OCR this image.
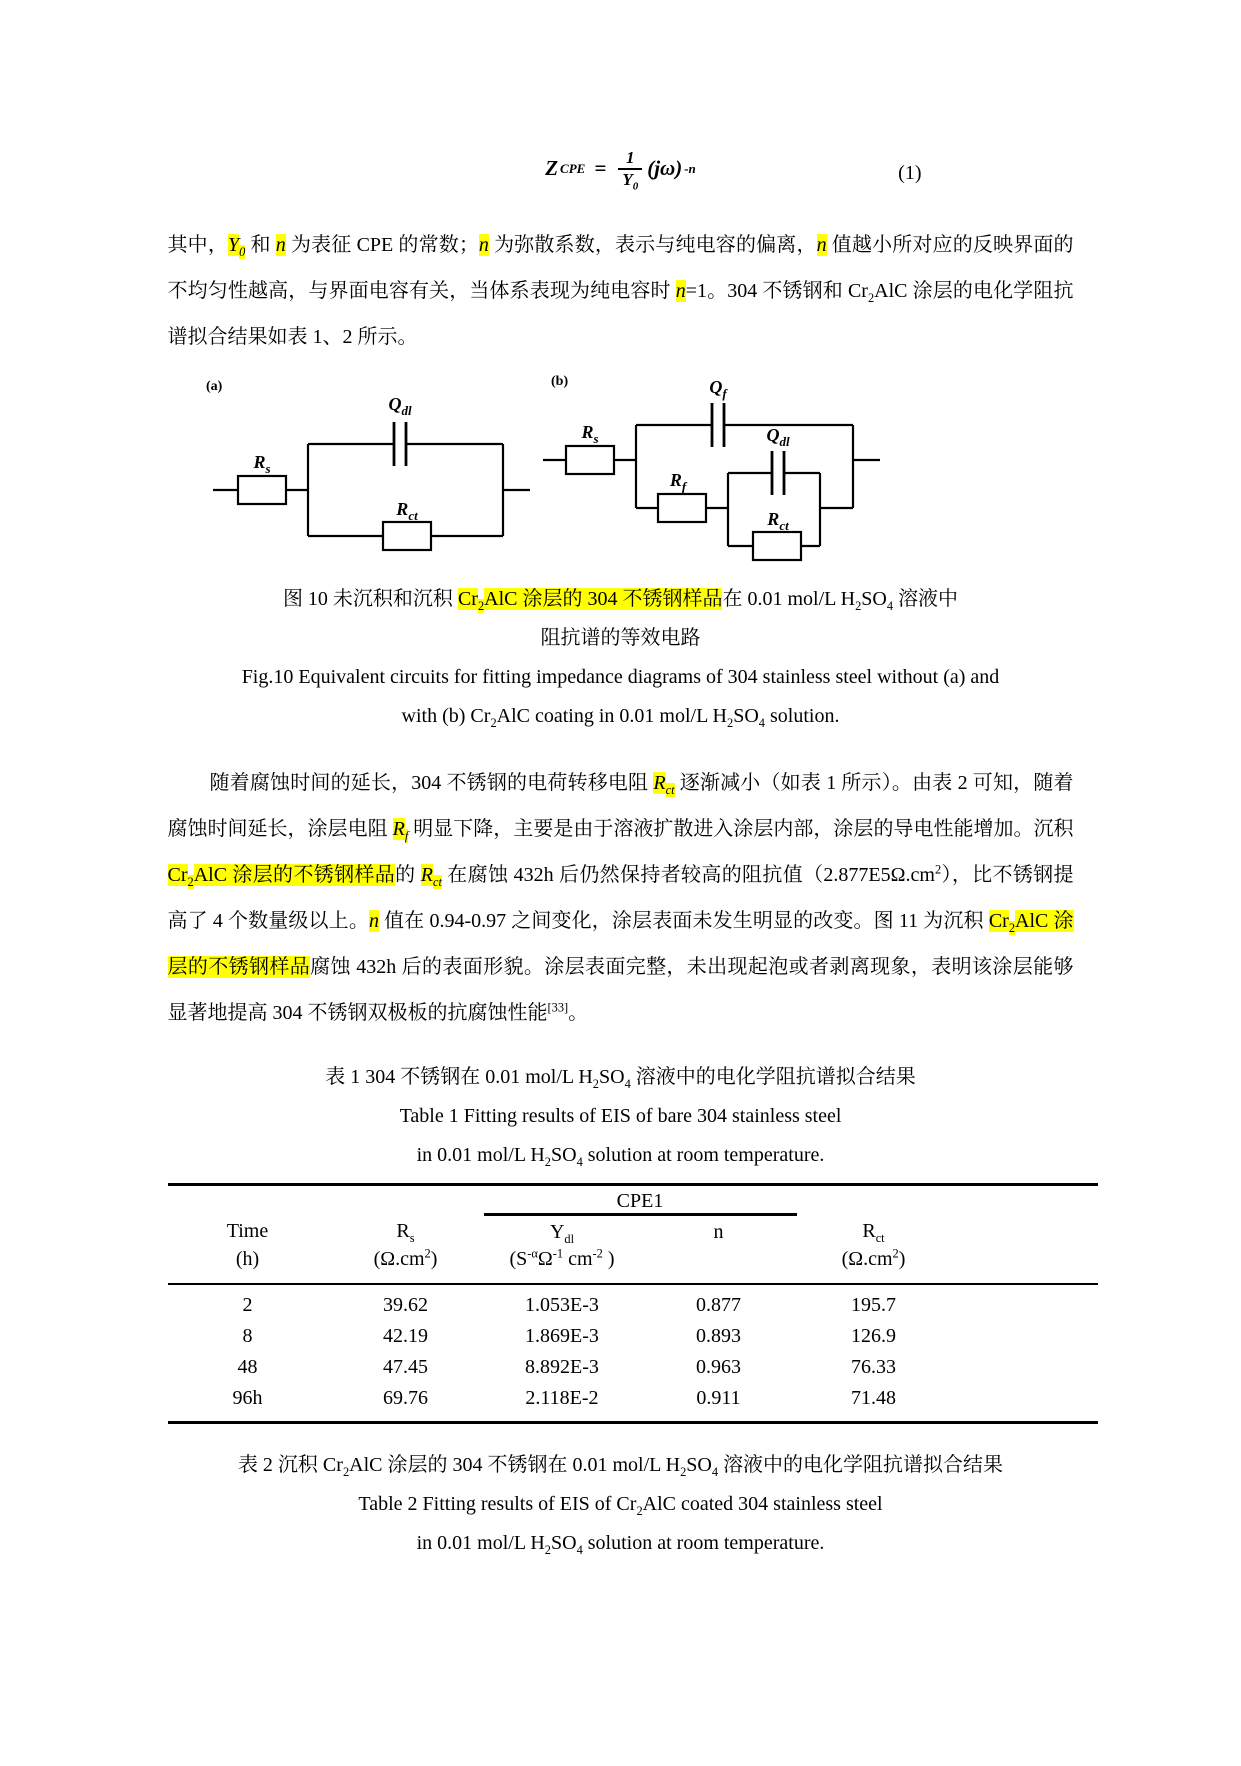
Z CPE = $\frac{1}{Y_0} (j\omega)$ -n	(1)

其中，$Y_0$ 和 n 为表征 CPE 的常数；n 为弥散系数，表示与纯电容的偏离，n 值越小所对应的反映界面的不均匀性越高，与界面电容有关，当体系表现为纯电容时 n=1。304 不锈钢和 $Cr_2AlC$ 涂层的电化学阻抗谱拟合结果如表 1、2 所示。

(a)
$R_s$
$Q_{dl}$
$R_{ct}$
(b)
$R_s$
$Q_f$
$R_f$
$Q_{dl}$
$R_{ct}$
图 10 未沉积和沉积 $Cr_2AlC$ 涂层的 304 不锈钢样品在 0.01 mol/L $H_2SO_4$ 溶液中
阻抗谱的等效电路
Fig.10 Equivalent circuits for fitting impedance diagrams of 304 stainless steel without (a) and
with (b) $Cr_2AlC$ coating in 0.01 mol/L $H_2SO_4$ solution.

随着腐蚀时间的延长，304 不锈钢的电荷转移电阻 $R_{ct}$ 逐渐减小（如表 1 所示）。由表 2 可知，随着腐蚀时间延长，涂层电阻 $R_f$ 明显下降，主要是由于溶液扩散进入涂层内部，涂层的导电性能增加。沉积 $Cr_2AlC$ 涂层的不锈钢样品的 $R_{ct}$ 在腐蚀 432h 后仍然保持者较高的阻抗值$(2.877E5\Omega.cm^2)$，比不锈钢提高了 4 个数量级以上。n 值在 0.94-0.97 之间变化，涂层表面未发生明显的改变。图 11 为沉积 $Cr_2AlC$ 涂层的不锈钢样品腐蚀 432h 后的表面形貌。涂层表面完整，未出现起泡或者剥离现象，表明该涂层能够显著地提高 304 不锈钢双极板的抗腐蚀性能[33]。

表 1 304 不锈钢在 0.01 mol/L $H_2SO_4$ 溶液中的电化学阻抗谱拟合结果
Table 1 Fitting results of EIS of bare 304 stainless steel
in 0.01 mol/L $H_2SO_4$ solution at room temperature.
		CPE1			
Time	$R_s$	$Y_{dl}$	n	$R_{ct}$	
(h)	$(\Omega.cm^2)$	($S^{-\alpha}\Omega^{-1}$ $cm^{-2}$ )		$(\Omega.cm^2)$	
2	39.62	1.053E-3	0.877	195.7	
8	42.19	1.869E-3	0.893	126.9	
48	47.45	8.892E-3	0.963	76.33	
96h	69.76	2.118E-2	0.911	71.48	
表 2 沉积 $Cr_2AlC$ 涂层的 304 不锈钢在 0.01 mol/L $H_2SO_4$ 溶液中的电化学阻抗谱拟合结果
Table 2 Fitting results of EIS of $Cr_2AlC$ coated 304 stainless steel
in 0.01 mol/L $H_2SO_4$ solution at room temperature.
